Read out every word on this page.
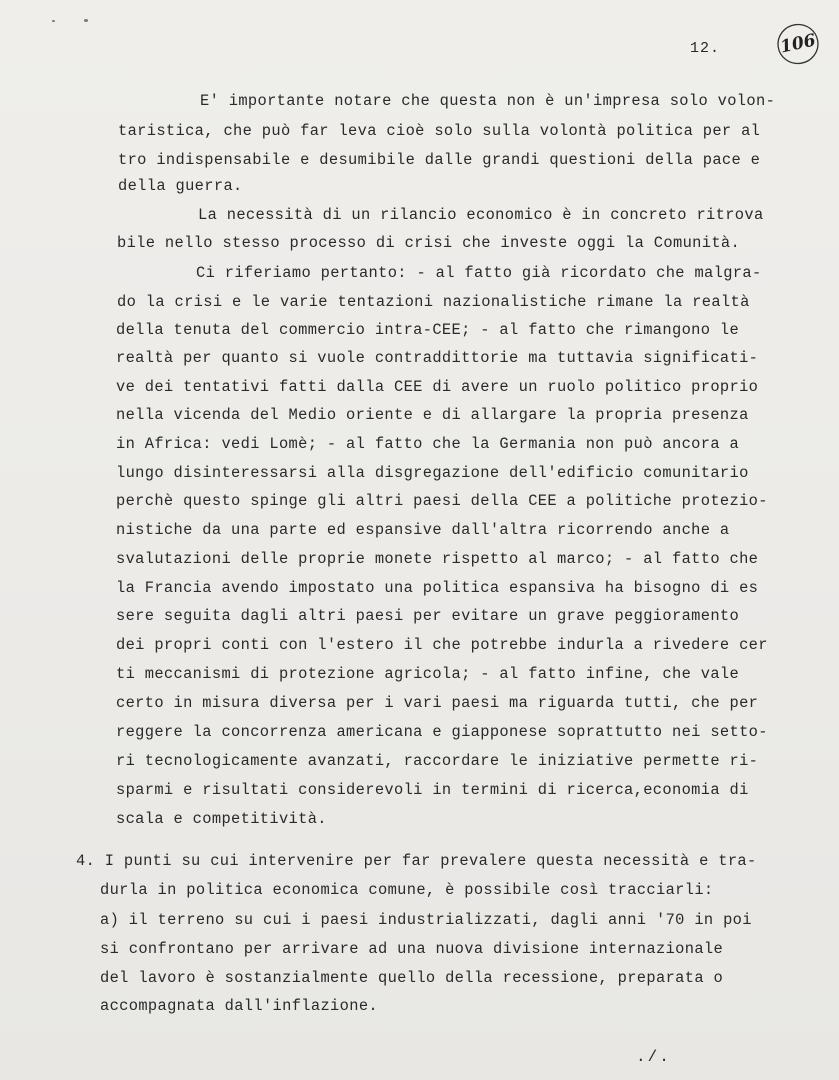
12.	106
E' importante notare che questa non è un'impresa solo volon-
taristica, che può far leva cioè solo sulla volontà politica per al
tro indispensabile e desumibile dalle grandi questioni della pace e
della guerra.
La necessità di un rilancio economico è in concreto ritrova
bile nello stesso processo di crisi che investe oggi la Comunità.
Ci riferiamo pertanto: - al fatto già ricordato che malgra-
do la crisi e le varie tentazioni nazionalistiche rimane la realtà
della tenuta del commercio intra-CEE; - al fatto che rimangono le
realtà per quanto si vuole contraddittorie ma tuttavia significati-
ve dei tentativi fatti dalla CEE di avere un ruolo politico proprio
nella vicenda del Medio oriente e di allargare la propria presenza
in Africa: vedi Lomè; - al fatto che la Germania non può ancora a
lungo disinteressarsi alla disgregazione dell'edificio comunitario
perchè questo spinge gli altri paesi della CEE a politiche protezio-
nistiche da una parte ed espansive dall'altra ricorrendo anche a
svalutazioni delle proprie monete rispetto al marco; - al fatto che
la Francia avendo impostato una politica espansiva ha bisogno di es
sere seguita dagli altri paesi per evitare un grave peggioramento
dei propri conti con l'estero il che potrebbe indurla a rivedere cer
ti meccanismi di protezione agricola; - al fatto infine, che vale
certo in misura diversa per i vari paesi ma riguarda tutti, che per
reggere la concorrenza americana e giapponese soprattutto nei setto-
ri tecnologicamente avanzati, raccordare le iniziative permette ri-
sparmi e risultati considerevoli in termini di ricerca,economia di
scala e competitività.
4. I punti su cui intervenire per far prevalere questa necessità e tra-
durla in politica economica comune, è possibile così tracciarli:
a) il terreno su cui i paesi industrializzati, dagli anni '70 in poi
si confrontano per arrivare ad una nuova divisione internazionale
del lavoro è sostanzialmente quello della recessione, preparata o
accompagnata dall'inflazione.
./.
